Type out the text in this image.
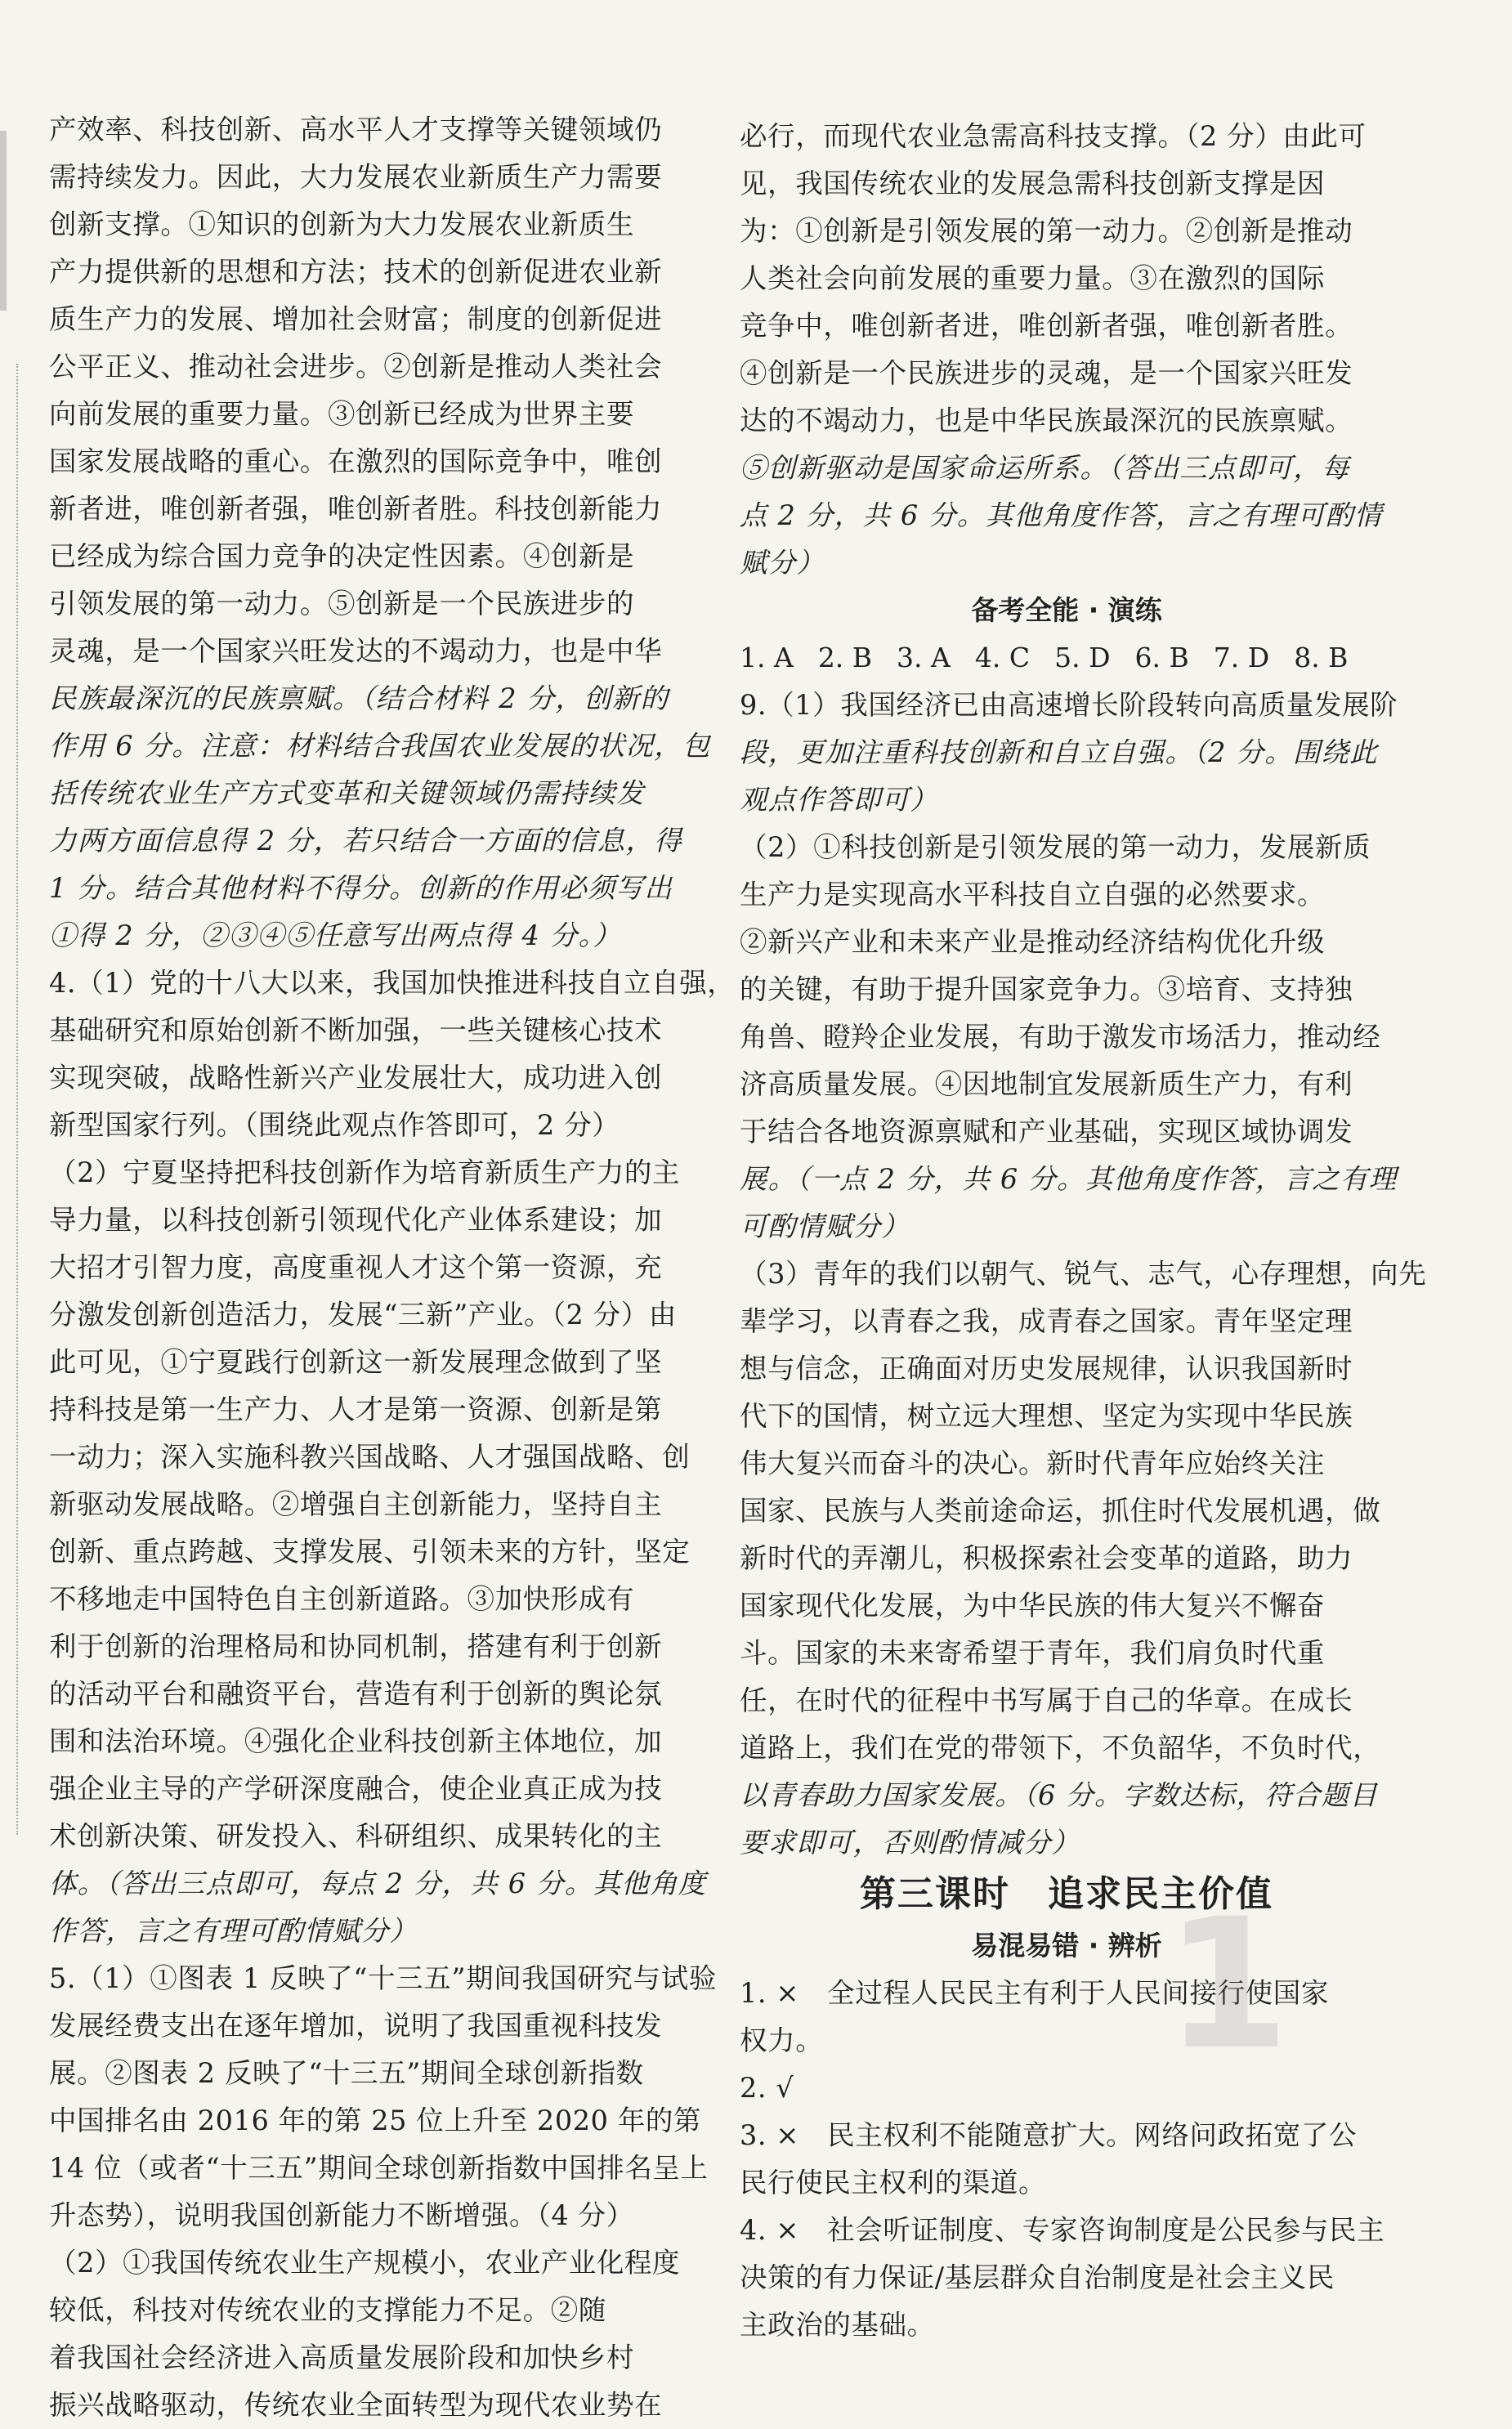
产效率、科技创新、高水平人才支撑等关键领域仍
需持续发力。因此，大力发展农业新质生产力需要
创新支撑。①知识的创新为大力发展农业新质生
产力提供新的思想和方法；技术的创新促进农业新
质生产力的发展、增加社会财富；制度的创新促进
公平正义、推动社会进步。②创新是推动人类社会
向前发展的重要力量。③创新已经成为世界主要
国家发展战略的重心。在激烈的国际竞争中，唯创
新者进，唯创新者强，唯创新者胜。科技创新能力
已经成为综合国力竞争的决定性因素。④创新是
引领发展的第一动力。⑤创新是一个民族进步的
灵魂，是一个国家兴旺发达的不竭动力，也是中华
民族最深沉的民族禀赋。（结合材料 2 分，创新的
作用 6 分。注意：材料结合我国农业发展的状况，包
括传统农业生产方式变革和关键领域仍需持续发
力两方面信息得 2 分，若只结合一方面的信息，得
1 分。结合其他材料不得分。创新的作用必须写出
①得 2 分，②③④⑤任意写出两点得 4 分。）
4.（1）党的十八大以来，我国加快推进科技自立自强，
基础研究和原始创新不断加强，一些关键核心技术
实现突破，战略性新兴产业发展壮大，成功进入创
新型国家行列。（围绕此观点作答即可，2 分）
（2）宁夏坚持把科技创新作为培育新质生产力的主
导力量，以科技创新引领现代化产业体系建设；加
大招才引智力度，高度重视人才这个第一资源，充
分激发创新创造活力，发展“三新”产业。（2 分）由
此可见，①宁夏践行创新这一新发展理念做到了坚
持科技是第一生产力、人才是第一资源、创新是第
一动力；深入实施科教兴国战略、人才强国战略、创
新驱动发展战略。②增强自主创新能力，坚持自主
创新、重点跨越、支撑发展、引领未来的方针，坚定
不移地走中国特色自主创新道路。③加快形成有
利于创新的治理格局和协同机制，搭建有利于创新
的活动平台和融资平台，营造有利于创新的舆论氛
围和法治环境。④强化企业科技创新主体地位，加
强企业主导的产学研深度融合，使企业真正成为技
术创新决策、研发投入、科研组织、成果转化的主
体。（答出三点即可，每点 2 分，共 6 分。其他角度
作答，言之有理可酌情赋分）
5.（1）①图表 1 反映了“十三五”期间我国研究与试验
发展经费支出在逐年增加，说明了我国重视科技发
展。②图表 2 反映了“十三五”期间全球创新指数
中国排名由 2016 年的第 25 位上升至 2020 年的第
14 位（或者“十三五”期间全球创新指数中国排名呈上
升态势），说明我国创新能力不断增强。（4 分）
（2）①我国传统农业生产规模小，农业产业化程度
较低，科技对传统农业的支撑能力不足。②随
着我国社会经济进入高质量发展阶段和加快乡村
振兴战略驱动，传统农业全面转型为现代农业势在
必行，而现代农业急需高科技支撑。（2 分）由此可
见，我国传统农业的发展急需科技创新支撑是因
为：①创新是引领发展的第一动力。②创新是推动
人类社会向前发展的重要力量。③在激烈的国际
竞争中，唯创新者进，唯创新者强，唯创新者胜。
④创新是一个民族进步的灵魂，是一个国家兴旺发
达的不竭动力，也是中华民族最深沉的民族禀赋。
⑤创新驱动是国家命运所系。（答出三点即可，每
点 2 分，共 6 分。其他角度作答，言之有理可酌情
赋分）
备考全能 · 演练
1. A 2. B 3. A 4. C 5. D 6. B 7. D 8. B
9.（1）我国经济已由高速增长阶段转向高质量发展阶
段，更加注重科技创新和自立自强。（2 分。围绕此
观点作答即可）
（2）①科技创新是引领发展的第一动力，发展新质
生产力是实现高水平科技自立自强的必然要求。
②新兴产业和未来产业是推动经济结构优化升级
的关键，有助于提升国家竞争力。③培育、支持独
角兽、瞪羚企业发展，有助于激发市场活力，推动经
济高质量发展。④因地制宜发展新质生产力，有利
于结合各地资源禀赋和产业基础，实现区域协调发
展。（一点 2 分，共 6 分。其他角度作答，言之有理
可酌情赋分）
（3）青年的我们以朝气、锐气、志气，心存理想，向先
辈学习，以青春之我，成青春之国家。青年坚定理
想与信念，正确面对历史发展规律，认识我国新时
代下的国情，树立远大理想、坚定为实现中华民族
伟大复兴而奋斗的决心。新时代青年应始终关注
国家、民族与人类前途命运，抓住时代发展机遇，做
新时代的弄潮儿，积极探索社会变革的道路，助力
国家现代化发展，为中华民族的伟大复兴不懈奋
斗。国家的未来寄希望于青年，我们肩负时代重
任，在时代的征程中书写属于自己的华章。在成长
道路上，我们在党的带领下，不负韶华，不负时代，
以青春助力国家发展。（6 分。字数达标，符合题目
要求即可，否则酌情减分）
第三课时　追求民主价值
易混易错 · 辨析
1. ×　全过程人民民主有利于人民间接行使国家
权力。
2. √
3. ×　民主权利不能随意扩大。网络问政拓宽了公
民行使民主权利的渠道。
4. ×　社会听证制度、专家咨询制度是公民参与民主
决策的有力保证/基层群众自治制度是社会主义民
主政治的基础。
1
